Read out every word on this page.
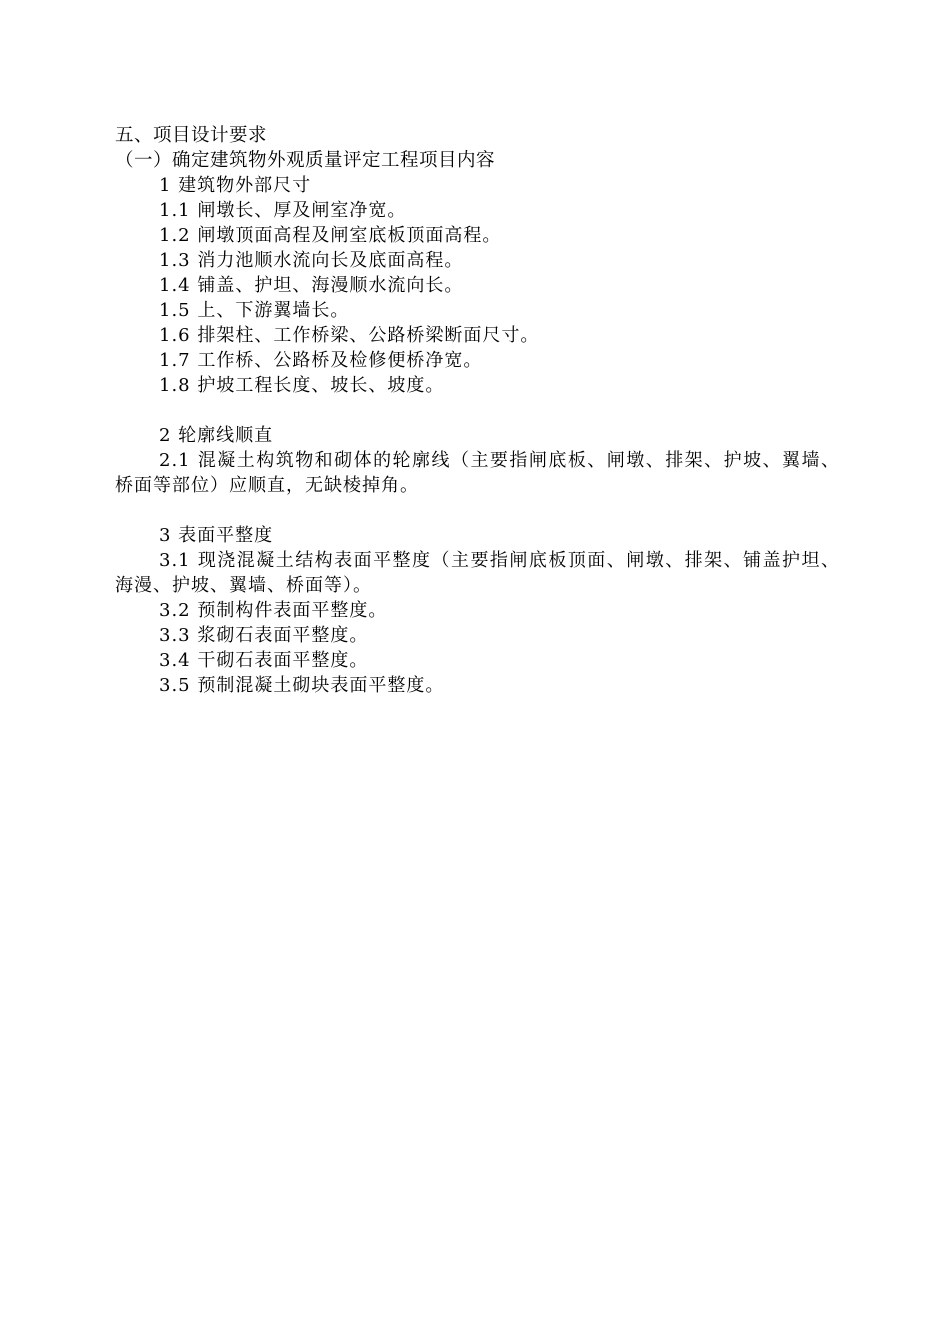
五、项目设计要求
（一）确定建筑物外观质量评定工程项目内容
1 建筑物外部尺寸
1.1 闸墩长、厚及闸室净宽。
1.2 闸墩顶面高程及闸室底板顶面高程。
1.3 消力池顺水流向长及底面高程。
1.4 铺盖、护坦、海漫顺水流向长。
1.5 上、下游翼墙长。
1.6 排架柱、工作桥梁、公路桥梁断面尺寸。
1.7 工作桥、公路桥及检修便桥净宽。
1.8 护坡工程长度、坡长、坡度。
2 轮廓线顺直
2.1 混凝土构筑物和砌体的轮廓线（主要指闸底板、闸墩、排架、护坡、翼墙、桥面等部位）应顺直，无缺棱掉角。
3 表面平整度
3.1 现浇混凝土结构表面平整度（主要指闸底板顶面、闸墩、排架、铺盖护坦、海漫、护坡、翼墙、桥面等）。
3.2 预制构件表面平整度。
3.3 浆砌石表面平整度。
3.4 干砌石表面平整度。
3.5 预制混凝土砌块表面平整度。
